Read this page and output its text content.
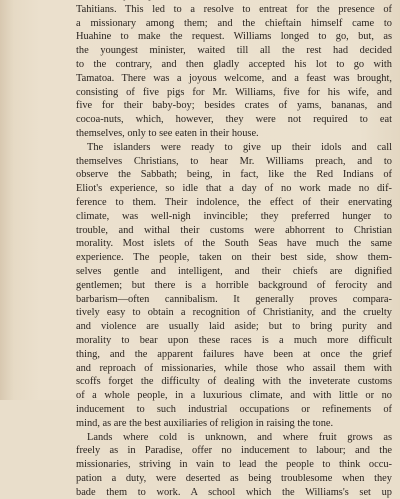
Tahitians. This led to a resolve to entreat for the presence of
a missionary among them; and the chieftain himself came to
Huahine to make the request. Williams longed to go, but, as
the youngest minister, waited till all the rest had decided
to the contrary, and then gladly accepted his lot to go with
Tamatoa. There was a joyous welcome, and a feast was brought,
consisting of five pigs for Mr. Williams, five for his wife, and
five for their baby-boy; besides crates of yams, bananas, and
cocoa-nuts, which, however, they were not required to eat
themselves, only to see eaten in their house.
The islanders were ready to give up their idols and call
themselves Christians, to hear Mr. Williams preach, and to
observe the Sabbath; being, in fact, like the Red Indians of
Eliot's experience, so idle that a day of no work made no dif-
ference to them. Their indolence, the effect of their enervating
climate, was well-nigh invincible; they preferred hunger to
trouble, and withal their customs were abhorrent to Christian
morality. Most islets of the South Seas have much the same
experience. The people, taken on their best side, show them-
selves gentle and intelligent, and their chiefs are dignified
gentlemen; but there is a horrible background of ferocity and
barbarism—often cannibalism. It generally proves compara-
tively easy to obtain a recognition of Christianity, and the cruelty
and violence are usually laid aside; but to bring purity and
morality to bear upon these races is a much more difficult
thing, and the apparent failures have been at once the grief
and reproach of missionaries, while those who assail them with
scoffs forget the difficulty of dealing with the inveterate customs
of a whole people, in a luxurious climate, and with little or no
inducement to such industrial occupations or refinements of
mind, as are the best auxiliaries of religion in raising the tone.
Lands where cold is unknown, and where fruit grows as
freely as in Paradise, offer no inducement to labour; and the
missionaries, striving in vain to lead the people to think occu-
pation a duty, were deserted as being troublesome when they
bade them to work. A school which the Williams's set up
